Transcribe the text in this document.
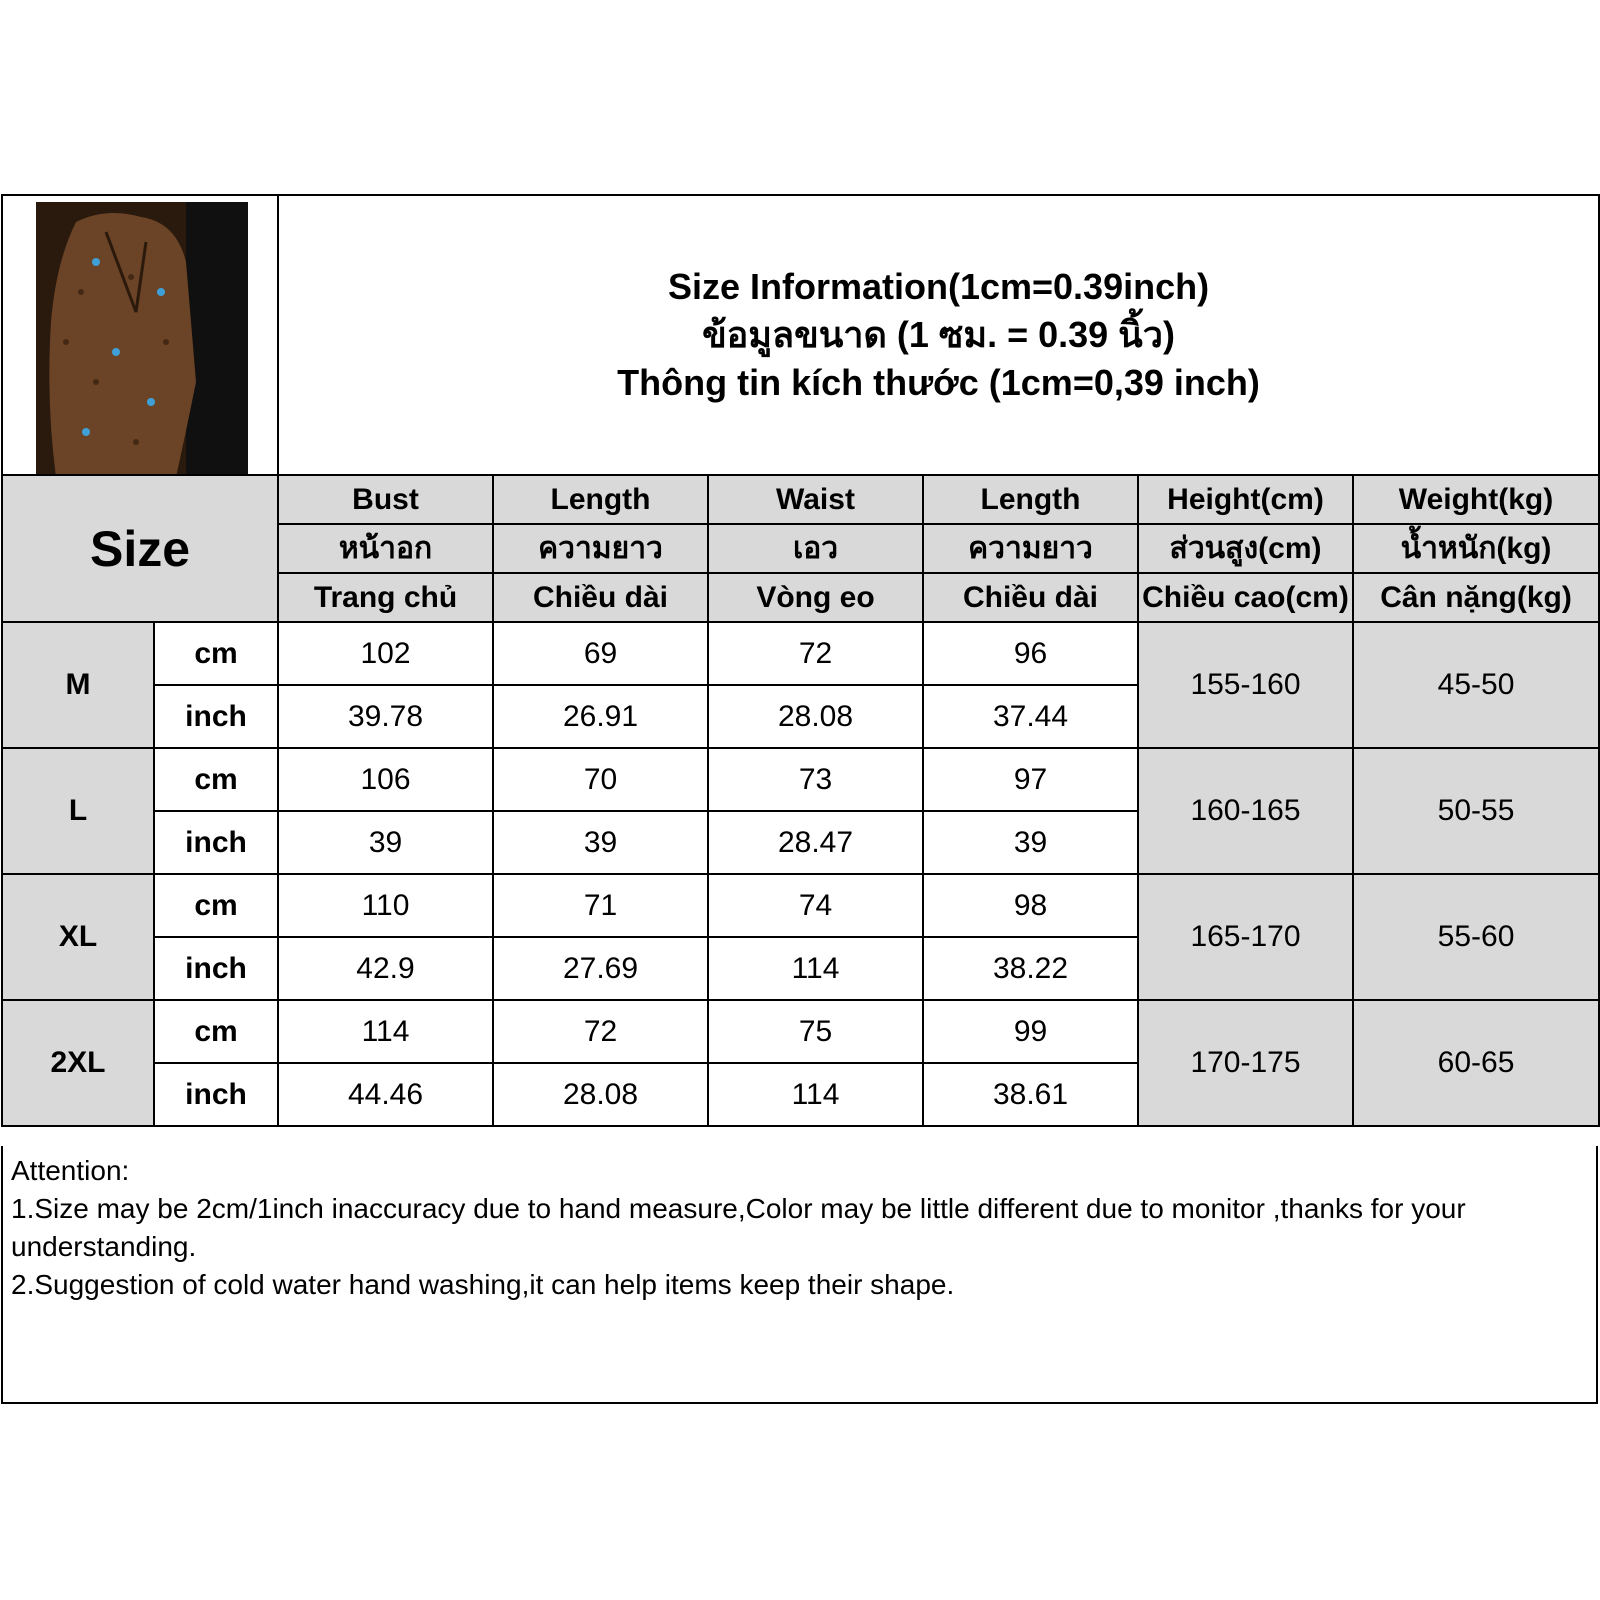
Size Information(1cm=0.39inch)
ข้อมูลขนาด (1 ซม. = 0.39 นิ้ว)
Thông tin kích thước (1cm=0,39 inch)					

Size		Bust	Length	Waist	Length	Height(cm)	Weight(kg)
		หน้าอก	ความยาว	เอว	ความยาว	ส่วนสูง(cm)	น้ำหนัก(kg)
		Trang chủ	Chiều dài	Vòng eo	Chiều dài	Chiều cao(cm)	Cân nặng(kg)
M	cm	102	69	72	96	155-160	45-50
	inch	39.78	26.91	28.08	37.44		
L	cm	106	70	73	97	160-165	50-55
	inch	39	39	28.47	39		
XL	cm	110	71	74	98	165-170	55-60
	inch	42.9	27.69	114	38.22		
2XL	cm	114	72	75	99	170-175	60-65
	inch	44.46	28.08	114	38.61		

Attention:

1.Size may be 2cm/1inch inaccuracy due to hand measure,Color may be little different due to monitor ,thanks for your understanding.

2.Suggestion of cold water hand washing,it can help items keep their shape.
